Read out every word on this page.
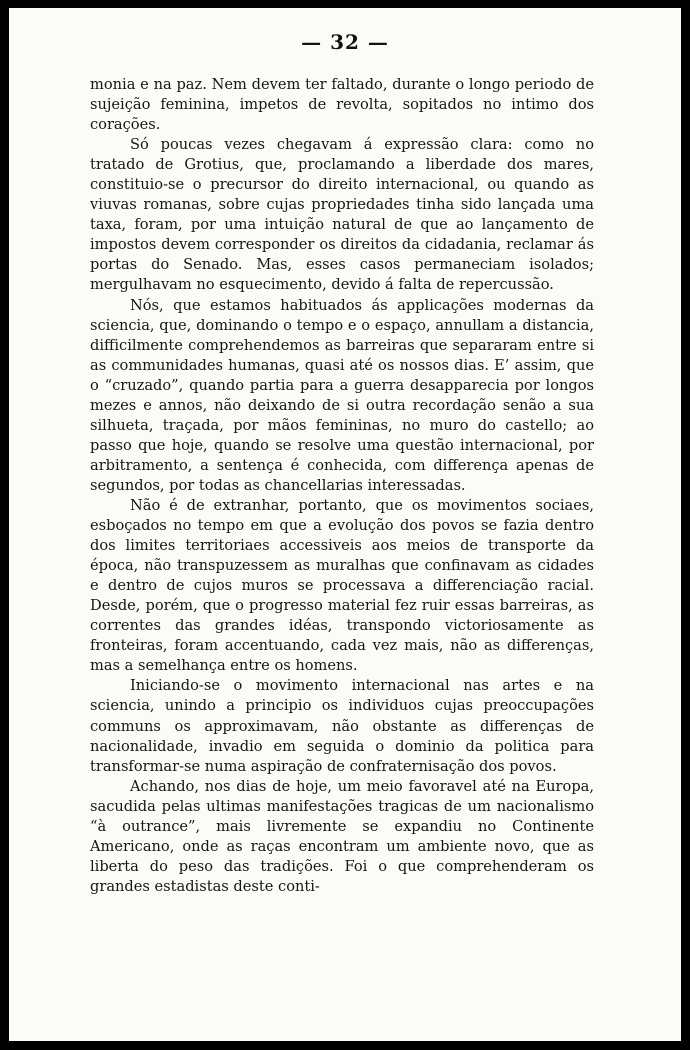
— 32 —

monia e na paz. Nem devem ter faltado, durante o longo periodo de sujeição feminina, impetos de revolta, sopitados no intimo dos corações.

Só poucas vezes chegavam á expressão clara: como no tratado de Grotius, que, proclamando a liberdade dos mares, constituio-se o precursor do direito internacional, ou quando as viuvas romanas, sobre cujas propriedades tinha sido lançada uma taxa, foram, por uma intuição natural de que ao lançamento de impostos devem corresponder os direitos da cidadania, reclamar ás portas do Senado. Mas, esses casos permaneciam isolados; mergulhavam no esquecimento, devido á falta de repercussão.

Nós, que estamos habituados ás applicações modernas da sciencia, que, dominando o tempo e o espaço, annullam a distancia, difficilmente comprehendemos as barreiras que separaram entre si as communidades humanas, quasi até os nossos dias. E’ assim, que o “cruzado”, quando partia para a guerra desapparecia por longos mezes e annos, não deixando de si outra recordação senão a sua silhueta, traçada, por mãos femininas, no muro do castello; ao passo que hoje, quando se resolve uma questão internacional, por arbitramento, a sentença é conhecida, com differença apenas de segundos, por todas as chancellarias interessadas.

Não é de extranhar, portanto, que os movimentos sociaes, esboçados no tempo em que a evolução dos povos se fazia dentro dos limites territoriaes accessiveis aos meios de transporte da época, não transpuzessem as muralhas que confinavam as cidades e dentro de cujos muros se processava a differenciação racial. Desde, porém, que o progresso material fez ruir essas barreiras, as correntes das grandes idéas, transpondo victoriosamente as fronteiras, foram accentuando, cada vez mais, não as differenças, mas a semelhança entre os homens.

Iniciando-se o movimento internacional nas artes e na sciencia, unindo a principio os individuos cujas preoccupações communs os approximavam, não obstante as differenças de nacionalidade, invadio em seguida o dominio da politica para transformar-se numa aspiração de confraternisação dos povos.

Achando, nos dias de hoje, um meio favoravel até na Europa, sacudida pelas ultimas manifestações tragicas de um nacionalismo “à outrance”, mais livremente se expandiu no Continente Americano, onde as raças encontram um ambiente novo, que as liberta do peso das tradições. Foi o que comprehenderam os grandes estadistas deste conti-
